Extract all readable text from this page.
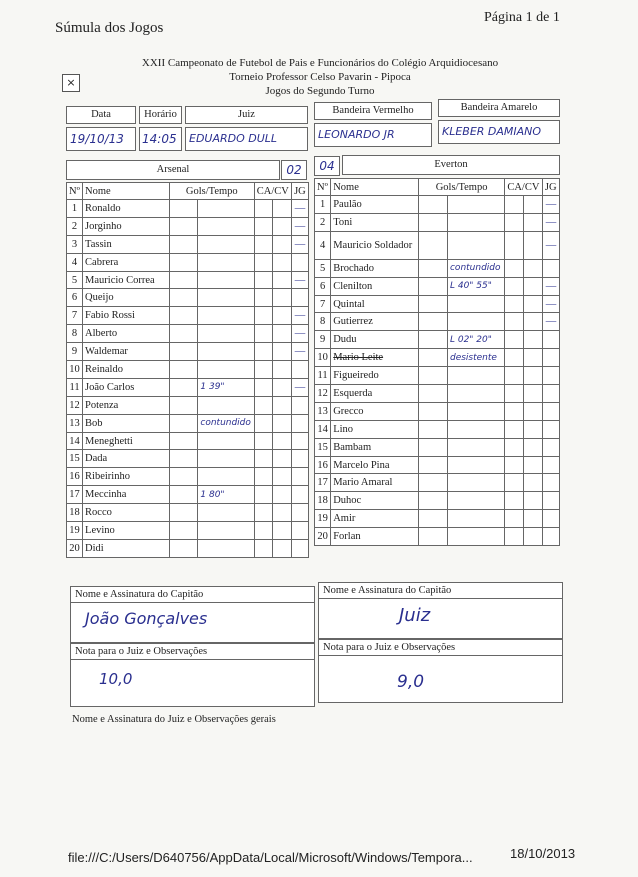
Súmula dos Jogos
Página 1 de 1
×
XXII Campeonato de Futebol de Pais e Funcionários do Colégio Arquidiocesano
Torneio Professor Celso Pavarin - Pipoca
Jogos do Segundo Turno
Data	Horário	Juiz	Bandeira Vermelho	Bandeira Amarelo
19/10/13	14:05	EDUARDO DULL	LEONARDO JR	KLEBER DAMIANO
Arsenal	02	04	Everton
Nº	Nome	Gols/Tempo		CA/CV		JG
1	Ronaldo					—
2	Jorginho					—
3	Tassin					—
4	Cabrera					
5	Mauricio Correa					—
6	Queijo					
7	Fabio Rossi					—
8	Alberto					—
9	Waldemar					—
10	Reinaldo					
11	João Carlos		1 39"			—
12	Potenza					
13	Bob		contundido			
14	Meneghetti					
15	Dada					
16	Ribeirinho					
17	Meccinha		1 80"			
18	Rocco					
19	Levino					
20	Didi					
Nº	Nome	Gols/Tempo		CA/CV		JG
1	Paulão					—
2	Toni					—
4	Mauricio Soldador					—
5	Brochado		contundido			
6	Clenilton		L 40" 55"			—
7	Quintal					—
8	Gutierrez					—
9	Dudu		L 02" 20"			
10	Mario Leite		desistente			
11	Figueiredo					
12	Esquerda					
13	Grecco					
14	Lino					
15	Bambam					
16	Marcelo Pina					
17	Mario Amaral					
18	Duhoc					
19	Amir					
20	Forlan					
Nome e Assinatura do Capitão
João Gonçalves
Nota para o Juiz e Observações
10,0
Nome e Assinatura do Capitão
Juiz
Nota para o Juiz e Observações
9,0
Nome e Assinatura do Juiz e Observações gerais
file:///C:/Users/D640756/AppData/Local/Microsoft/Windows/Tempora...	18/10/2013
